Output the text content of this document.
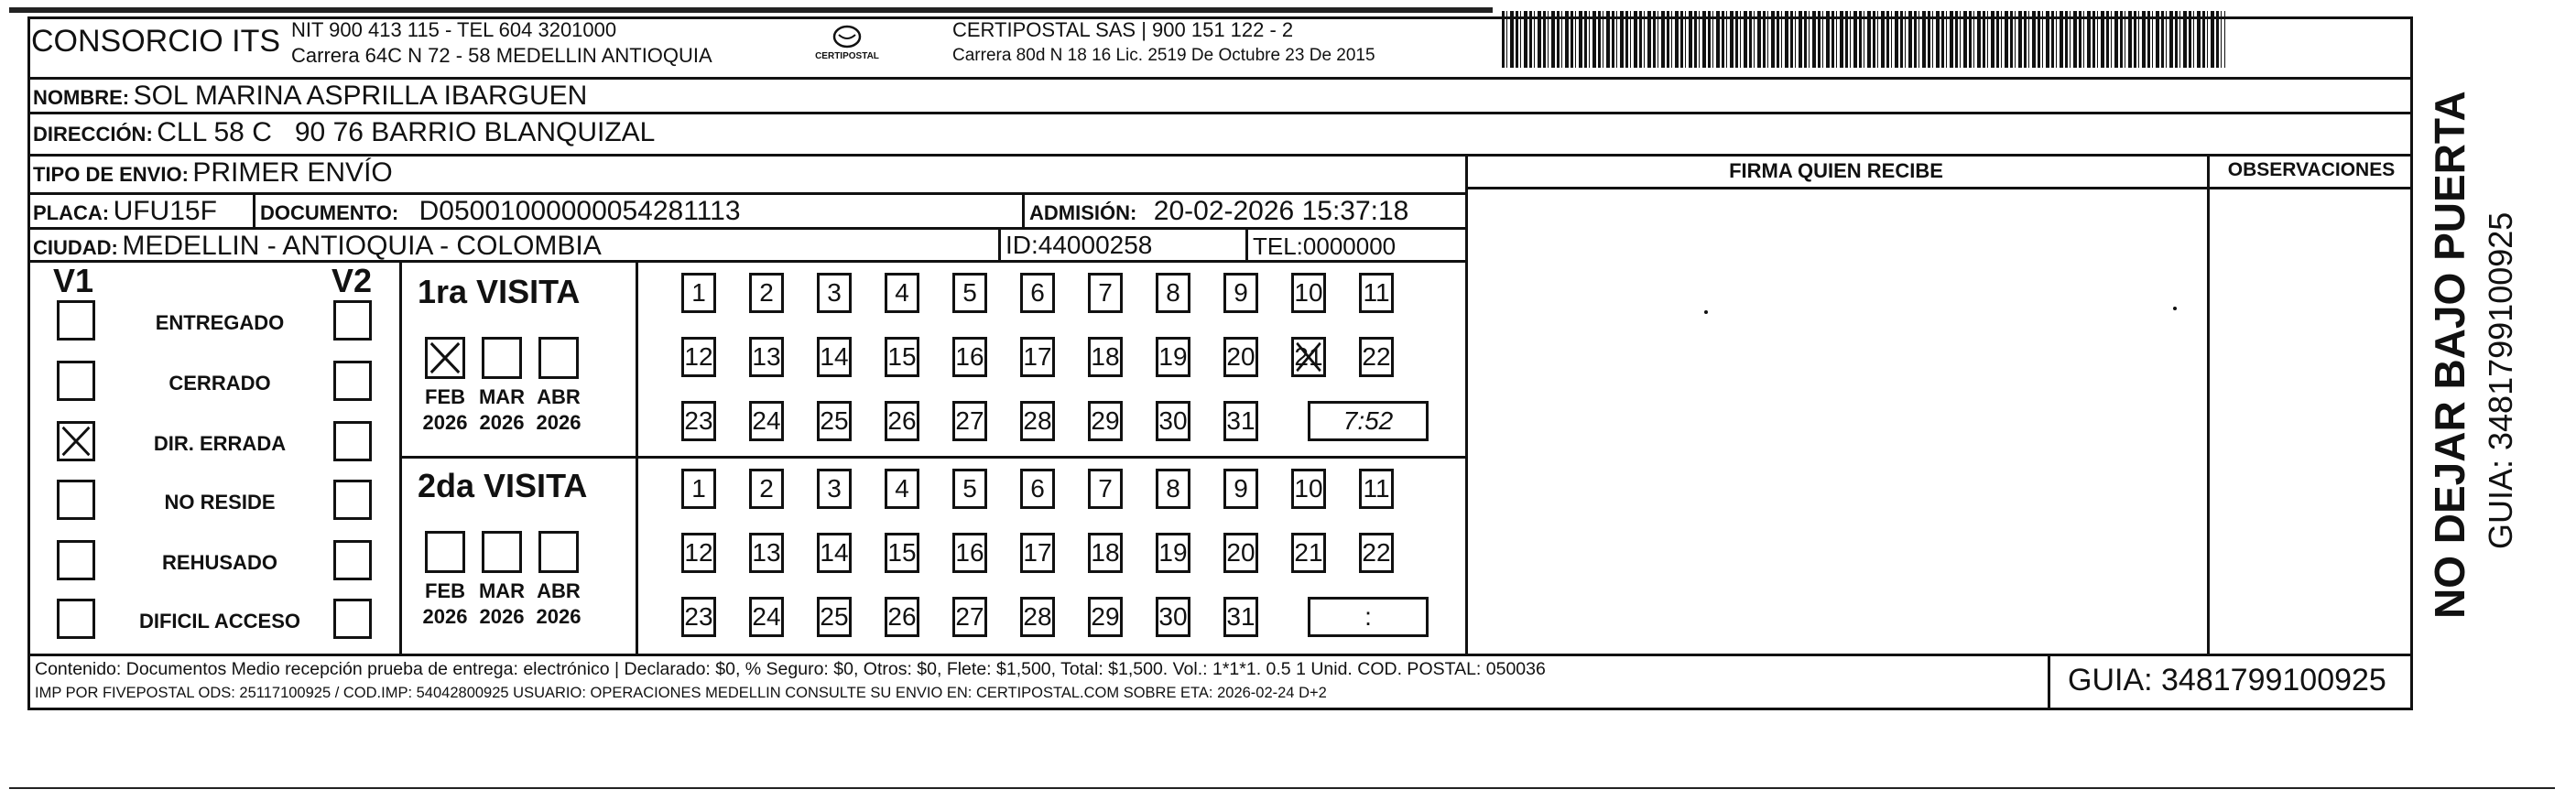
CONSORCIO ITS NIT 900 413 115 - TEL 604 3201000
Carrera 64C N 72 - 58 MEDELLIN ANTIOQUIA	CERTIPOSTAL
CERTIPOSTAL SAS | 900 151 122 - 2
Carrera 80d N 18 16 Lic. 2519 De Octubre 23 De 2015
NOMBRE: SOL MARINA ASPRILLA IBARGUEN
DIRECCIÓN: CLL 58 C   90 76 BARRIO BLANQUIZAL
TIPO DE ENVIO: PRIMER ENVÍO	FIRMA QUIEN RECIBE	OBSERVACIONES
PLACA: UFU15F DOCUMENTO: D05001000000054281113	ADMISIÓN: 20-02-2026 15:37:18
CIUDAD: MEDELLIN - ANTIOQUIA - COLOMBIA	ID:44000258	TEL:0000000
V1	V2
ENTREGADO
CERRADO
DIR. ERRADA
NO RESIDE
REHUSADO
DIFICIL ACCESO
1ra VISITA
2da VISITA
FEB
2026
MAR
2026
ABR
2026
FEB
2026
MAR
2026
ABR
2026
1 2 3 4 5 6 7 8 9 10 11
12 13 14 15 16 17 18 19 20 21 22
23 24 25 26 27 28 29 30 31	7:52
1 2 3 4 5 6 7 8 9 10 11
12 13 14 15 16 17 18 19 20 21 22
23 24 25 26 27 28 29 30 31	:
Contenido: Documentos Medio recepción prueba de entrega: electrónico | Declarado: $0, % Seguro: $0, Otros: $0, Flete: $1,500, Total: $1,500. Vol.: 1*1*1. 0.5 1 Unid. COD. POSTAL: 050036
IMP POR FIVEPOSTAL ODS: 25117100925 / COD.IMP: 54042800925 USUARIO: OPERACIONES MEDELLIN CONSULTE SU ENVIO EN: CERTIPOSTAL.COM SOBRE ETA: 2026-02-24 D+2	GUIA: 3481799100925
NO DEJAR BAJO PUERTA GUIA: 3481799100925
